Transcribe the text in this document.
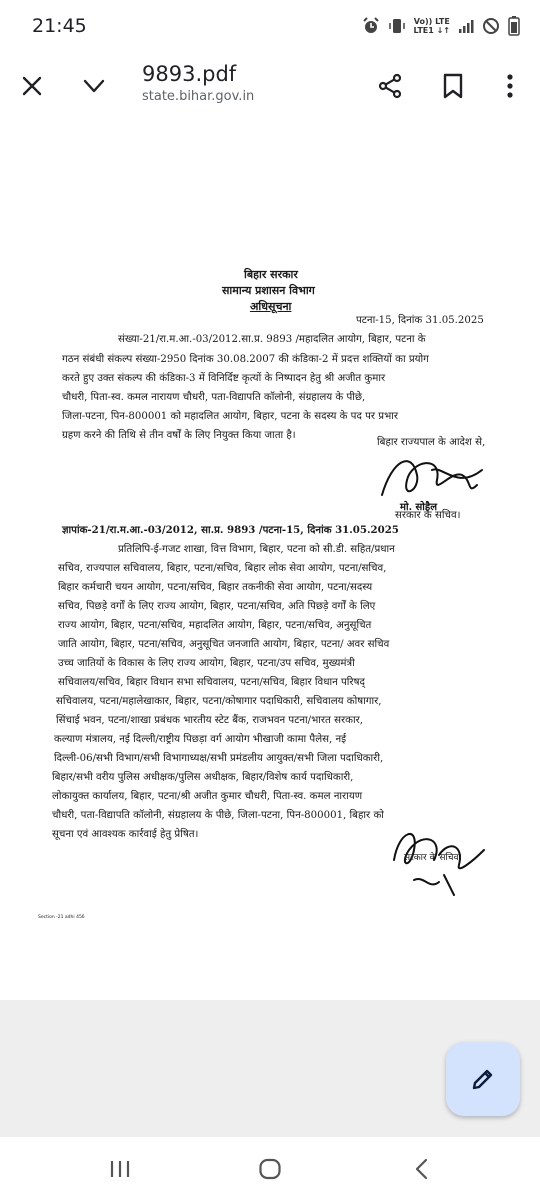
21:45	Vo)) LTE
LTE1 ↓↑
9893.pdf
state.bihar.gov.in
बिहार सरकार
सामान्य प्रशासन विभाग
अधिसूचना
पटना-15, दिनांक 31.05.2025
संख्या-21/रा.म.आ.-03/2012.सा.प्र. 9893 /महादलित आयोग, बिहार, पटना के
गठन संबंधी संकल्प संख्या-2950 दिनांक 30.08.2007 की कंडिका-2 में प्रदत्त शक्तियों का प्रयोग
करते हुए उक्त संकल्प की कंडिका-3 में विनिर्दिष्ट कृत्यों के निष्पादन हेतु श्री अजीत कुमार
चौधरी, पिता-स्व. कमल नारायण चौधरी, पता-विद्यापति कॉलोनी, संग्रहालय के पीछे,
जिला-पटना, पिन-800001 को महादलित आयोग, बिहार, पटना के सदस्य के पद पर प्रभार
ग्रहण करने की तिथि से तीन वर्षों के लिए नियुक्त किया जाता है।
बिहार राज्यपाल के आदेश से,
मो. सोहैल
सरकार के सचिव।
ज्ञापांक-21/रा.म.आ.-03/2012, सा.प्र. 9893 /पटना-15, दिनांक 31.05.2025
प्रतिलिपि-ई-गजट शाखा, वित्त विभाग, बिहार, पटना को सी.डी. सहित/प्रधान
सचिव, राज्यपाल सचिवालय, बिहार, पटना/सचिव, बिहार लोक सेवा आयोग, पटना/सचिव,
बिहार कर्मचारी चयन आयोग, पटना/सचिव, बिहार तकनीकी सेवा आयोग, पटना/सदस्य
सचिव, पिछड़े वर्गों के लिए राज्य आयोग, बिहार, पटना/सचिव, अति पिछड़े वर्गों के लिए
राज्य आयोग, बिहार, पटना/सचिव, महादलित आयोग, बिहार, पटना/सचिव, अनुसूचित
जाति आयोग, बिहार, पटना/सचिव, अनुसूचित जनजाति आयोग, बिहार, पटना/ अवर सचिव
उच्च जातियों के विकास के लिए राज्य आयोग, बिहार, पटना/उप सचिव, मुख्यमंत्री
सचिवालय/सचिव, बिहार विधान सभा सचिवालय, पटना/सचिव, बिहार विधान परिषद्
सचिवालय, पटना/महालेखाकार, बिहार, पटना/कोषागार पदाधिकारी, सचिवालय कोषागार,
सिंचाई भवन, पटना/शाखा प्रबंधक भारतीय स्टेट बैंक, राजभवन पटना/भारत सरकार,
कल्याण मंत्रालय, नई दिल्ली/राष्ट्रीय पिछड़ा वर्ग आयोग भीखाजी कामा पैलेस, नई
दिल्ली-06/सभी विभाग/सभी विभागाध्यक्ष/सभी प्रमंडलीय आयुक्त/सभी जिला पदाधिकारी,
बिहार/सभी वरीय पुलिस अधीक्षक/पुलिस अधीक्षक, बिहार/विशेष कार्य पदाधिकारी,
लोकायुक्त कार्यालय, बिहार, पटना/श्री अजीत कुमार चौधरी, पिता-स्व. कमल नारायण
चौधरी, पता-विद्यापति कॉलोनी, संग्रहालय के पीछे, जिला-पटना, पिन-800001, बिहार को
सूचना एवं आवश्यक कार्रवाई हेतु प्रेषित।
सरकार के सचिव।
Section -21 adhi 456
